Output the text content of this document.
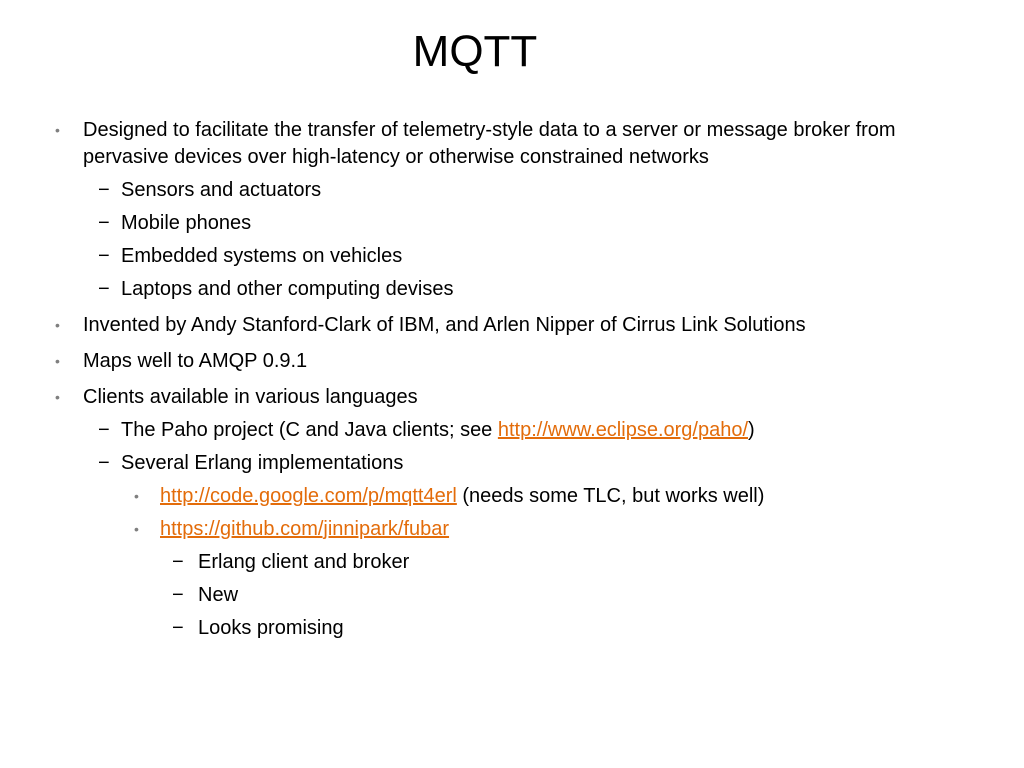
MQTT
• Designed to facilitate the transfer of telemetry-style data to a server or message broker from pervasive devices over high-latency or otherwise constrained networks
− Sensors and actuators
− Mobile phones
− Embedded systems on vehicles
− Laptops and other computing devises
• Invented by Andy Stanford-Clark of IBM, and Arlen Nipper of Cirrus Link Solutions
• Maps well to AMQP 0.9.1
• Clients available in various languages
− The Paho project (C and Java clients; see http://www.eclipse.org/paho/)
− Several Erlang implementations
• http://code.google.com/p/mqtt4erl (needs some TLC, but works well)
• https://github.com/jinnipark/fubar
− Erlang client and broker
− New
− Looks promising
